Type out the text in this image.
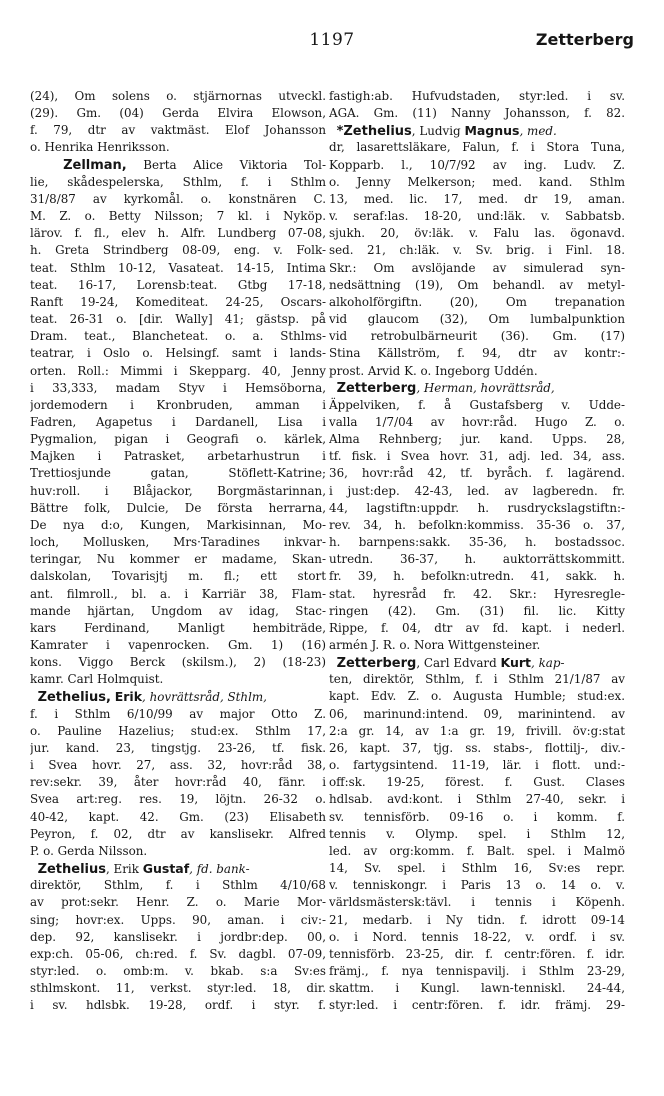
1197	Zetterberg
(24), Om solens o. stjärnornas utveckl.
(29). Gm. (04) Gerda Elvira Elowson,
f. 79, dtr av vaktmäst. Elof Johansson
o. Henrika Henriksson.
Zellman, Berta Alice Viktoria Tol-
lie, skådespelerska, Sthlm, f. i Sthlm
31/8/87 av kyrkomål. o. konstnären C.
M. Z. o. Betty Nilsson; 7 kl. i Nyköp.
lärov. f. fl., elev h. Alfr. Lundberg 07-08,
h. Greta Strindberg 08-09, eng. v. Folk-
teat. Sthlm 10-12, Vasateat. 14-15, Intima
teat. 16-17, Lorensb:teat. Gtbg 17-18,
Ranft 19-24, Komediteat. 24-25, Oscars-
teat. 26-31 o. [dir. Wally] 41; gästsp. på
Dram. teat., Blancheteat. o. a. Sthlms-
teatrar, i Oslo o. Helsingf. samt i lands-
orten. Roll.: Mimmi i Skepparg. 40, Jenny
i 33,333, madam Styv i Hemsöborna,
jordemodern i Kronbruden, amman i
Fadren, Agapetus i Dardanell, Lisa i
Pygmalion, pigan i Geografi o. kärlek,
Majken i Patrasket, arbetarhustrun i
Trettiosjunde gatan, Stöflett-Katrine;
huv:roll. i Blåjackor, Borgmästarinnan,
Bättre folk, Dulcie, De första herrarna,
De nya d:o, Kungen, Markisinnan, Mo-
loch, Mollusken, Mrs·Taradines inkvar-
teringar, Nu kommer er madame, Skan-
dalskolan, Tovarisjtj m. fl.; ett stort
ant. filmroll., bl. a. i Karriär 38, Flam-
mande hjärtan, Ungdom av idag, Stac-
kars Ferdinand, Manligt hembiträde,
Kamrater i vapenrocken. Gm. 1) (16)
kons. Viggo Berck (skilsm.), 2) (18-23)
kamr. Carl Holmquist.
Zethelius, Erik, hovrättsråd, Sthlm,
f. i Sthlm 6/10/99 av major Otto Z.
o. Pauline Hazelius; stud:ex. Sthlm 17,
jur. kand. 23, tingstjg. 23-26, tf. fisk.
i Svea hovr. 27, ass. 32, hovr:råd 38,
rev:sekr. 39, åter hovr:råd 40, fänr. i
Svea art:reg. res. 19, löjtn. 26-32 o.
40-42, kapt. 42. Gm. (23) Elisabeth
Peyron, f. 02, dtr av kanslisekr. Alfred
P. o. Gerda Nilsson.
Zethelius, Erik Gustaf, fd. bank-
direktör, Sthlm, f. i Sthlm 4/10/68
av prot:sekr. Henr. Z. o. Marie Mor-
sing; hovr:ex. Upps. 90, aman. i civ:-
dep. 92, kanslisekr. i jordbr:dep. 00,
exp:ch. 05-06, ch:red. f. Sv. dagbl. 07-09,
styr:led. o. omb:m. v. bkab. s:a Sv:es
sthlmskont. 11, verkst. styr:led. 18, dir.
i sv. hdlsbk. 19-28, ordf. i styr. f.
fastigh:ab. Hufvudstaden, styr:led. i sv.
AGA. Gm. (11) Nanny Johansson, f. 82.
*Zethelius, Ludvig Magnus, med.
dr, lasarettsläkare, Falun, f. i Stora Tuna,
Kopparb. l., 10/7/92 av ing. Ludv. Z.
o. Jenny Melkerson; med. kand. Sthlm
13, med. lic. 17, med. dr 19, aman.
v. seraf:las. 18-20, und:läk. v. Sabbatsb.
sjukh. 20, öv:läk. v. Falu las. ögonavd.
sed. 21, ch:läk. v. Sv. brig. i Finl. 18.
Skr.: Om avslöjande av simulerad syn-
nedsättning (19), Om behandl. av metyl-
alkoholförgiftn. (20), Om trepanation
vid glaucom (32), Om lumbalpunktion
vid retrobulbärneurit (36). Gm. (17)
Stina Källström, f. 94, dtr av kontr:-
prost. Arvid K. o. Ingeborg Uddén.
Zetterberg, Herman, hovrättsråd,
Äppelviken, f. å Gustafsberg v. Udde-
valla 1/7/04 av hovr:råd. Hugo Z. o.
Alma Rehnberg; jur. kand. Upps. 28,
tf. fisk. i Svea hovr. 31, adj. led. 34, ass.
36, hovr:råd 42, tf. byråch. f. lagärend.
i just:dep. 42-43, led. av lagberedn. fr.
44, lagstiftn:uppdr. h. rusdryckslagstiftn:-
rev. 34, h. befolkn:kommiss. 35-36 o. 37,
h. barnpens:sakk. 35-36, h. bostadssoc.
utredn. 36-37, h. auktorrättskommitt.
fr. 39, h. befolkn:utredn. 41, sakk. h.
stat. hyresråd fr. 42. Skr.: Hyresregle-
ringen (42). Gm. (31) fil. lic. Kitty
Rippe, f. 04, dtr av fd. kapt. i nederl.
armén J. R. o. Nora Wittgensteiner.
Zetterberg, Carl Edvard Kurt, kap-
ten, direktör, Sthlm, f. i Sthlm 21/1/87 av
kapt. Edv. Z. o. Augusta Humble; stud:ex.
06, marinund:intend. 09, marinintend. av
2:a gr. 14, av 1:a gr. 19, frivill. öv:g:stat
26, kapt. 37, tjg. ss. stabs-, flottilj-, div.-
o. fartygsintend. 11-19, lär. i flott. und:-
off:sk. 19-25, förest. f. Gust. Clases
hdlsab. avd:kont. i Sthlm 27-40, sekr. i
sv. tennisförb. 09-16 o. i komm. f.
tennis v. Olymp. spel. i Sthlm 12,
led. av org:komm. f. Balt. spel. i Malmö
14, Sv. spel. i Sthlm 16, Sv:es repr.
v. tenniskongr. i Paris 13 o. 14 o. v.
världsmästersk:tävl. i tennis i Köpenh.
21, medarb. i Ny tidn. f. idrott 09-14
o. i Nord. tennis 18-22, v. ordf. i sv.
tennisförb. 23-25, dir. f. centr:fören. f. idr.
främj., f. nya tennispavilj. i Sthlm 23-29,
skattm. i Kungl. lawn-tenniskl. 24-44,
styr:led. i centr:fören. f. idr. främj. 29-
